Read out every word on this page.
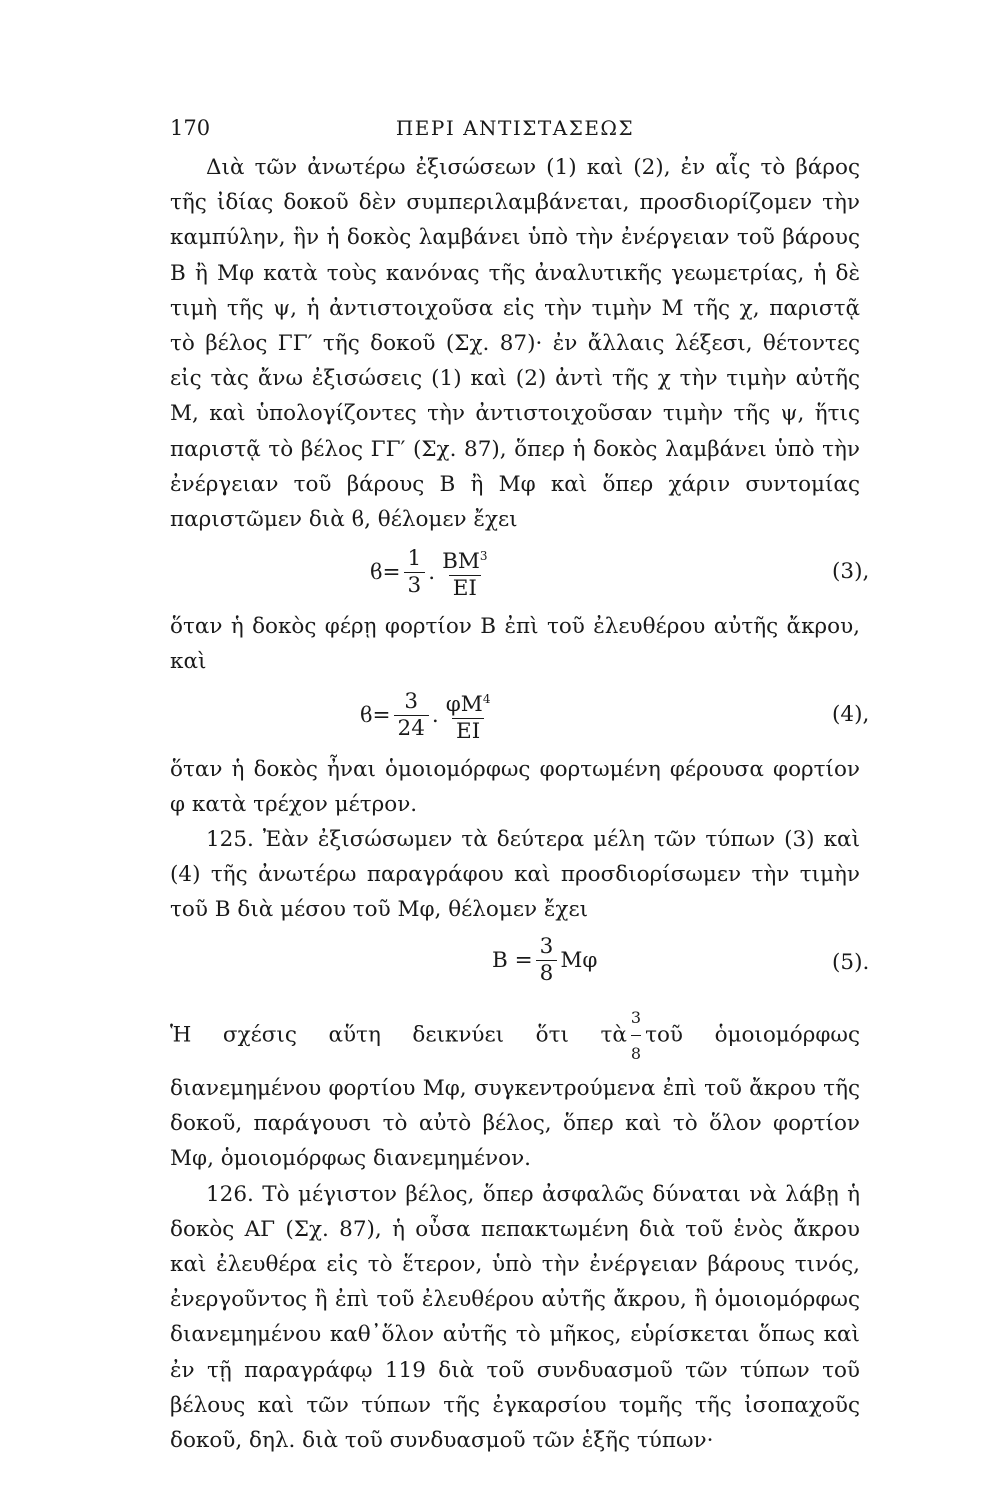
170	ΠΕΡΙ ΑΝΤΙΣΤΑΣΕΩΣ

Διὰ τῶν ἀνωτέρω ἐξισώσεων (1) καὶ (2), ἐν αἷς τὸ βάρος τῆς ἰδίας δοκοῦ δὲν συμπεριλαμβάνεται, προσδιορίζομεν τὴν καμπύλην, ἣν ἡ δοκὸς λαμβάνει ὑπὸ τὴν ἐνέργειαν τοῦ βάρους Β ἢ Μφ κατὰ τοὺς κανόνας τῆς ἀναλυτικῆς γεωμετρίας, ἡ δὲ τιμὴ τῆς ψ, ἡ ἀντιστοιχοῦσα εἰς τὴν τιμὴν Μ τῆς χ, παριστᾷ τὸ βέλος ΓΓ′ τῆς δοκοῦ (Σχ. 87)· ἐν ἄλλαις λέξεσι, θέτοντες εἰς τὰς ἄνω ἐξισώσεις (1) καὶ (2) ἀντὶ τῆς χ τὴν τιμὴν αὐτῆς Μ, καὶ ὑπολογίζοντες τὴν ἀντιστοιχοῦσαν τιμὴν τῆς ψ, ἥτις παριστᾷ τὸ βέλος ΓΓ′ (Σχ. 87), ὅπερ ἡ δοκὸς λαμβάνει ὑπὸ τὴν ἐνέργειαν τοῦ βάρους Β ἢ Μφ καὶ ὅπερ χάριν συντομίας παριστῶμεν διὰ ϐ, θέλομεν ἔχει

$ϐ= \frac{1}{3}$ . $\frac{BM^3}{EI}$	(3),

ὅταν ἡ δοκὸς φέρῃ φορτίον Β ἐπὶ τοῦ ἐλευθέρου αὐτῆς ἄκρου, καὶ

$ϐ= \frac{3}{24}$ . $\frac{\varphi M^4}{EI}$	(4),

ὅταν ἡ δοκὸς ἦναι ὁμοιομόρφως φορτωμένη φέρουσα φορτίον φ κατὰ τρέχον μέτρον.

125. Ἐὰν ἐξισώσωμεν τὰ δεύτερα μέλη τῶν τύπων (3) καὶ (4) τῆς ἀνωτέρω παραγράφου καὶ προσδιορίσωμεν τὴν τιμὴν τοῦ Β διὰ μέσου τοῦ Μφ, θέλομεν ἔχει

$B = \frac{3}{8}$ Μφ	(5).

Ἡ σχέσις αὕτη δεικνύει ὅτι τὰ $\frac{3}{8}$ τοῦ ὁμοιομόρφως διανεμημένου φορτίου Μφ, συγκεντρούμενα ἐπὶ τοῦ ἄκρου τῆς δοκοῦ, παράγουσι τὸ αὐτὸ βέλος, ὅπερ καὶ τὸ ὅλον φορτίον Μφ, ὁμοιομόρφως διανεμημένον.

126. Τὸ μέγιστον βέλος, ὅπερ ἀσφαλῶς δύναται νὰ λάβῃ ἡ δοκὸς ΑΓ (Σχ. 87), ἡ οὖσα πεπακτωμένη διὰ τοῦ ἑνὸς ἄκρου καὶ ἐλευθέρα εἰς τὸ ἕτερον, ὑπὸ τὴν ἐνέργειαν βάρους τινός, ἐνεργοῦντος ἢ ἐπὶ τοῦ ἐλευθέρου αὐτῆς ἄκρου, ἢ ὁμοιομόρφως διανεμημένου καθ᾿ὅλον αὐτῆς τὸ μῆκος, εὑρίσκεται ὅπως καὶ ἐν τῇ παραγράφῳ 119 διὰ τοῦ συνδυασμοῦ τῶν τύπων τοῦ βέλους καὶ τῶν τύπων τῆς ἐγκαρσίου τομῆς τῆς ἰσοπαχοῦς δοκοῦ, δηλ. διὰ τοῦ συνδυασμοῦ τῶν ἑξῆς τύπων·
